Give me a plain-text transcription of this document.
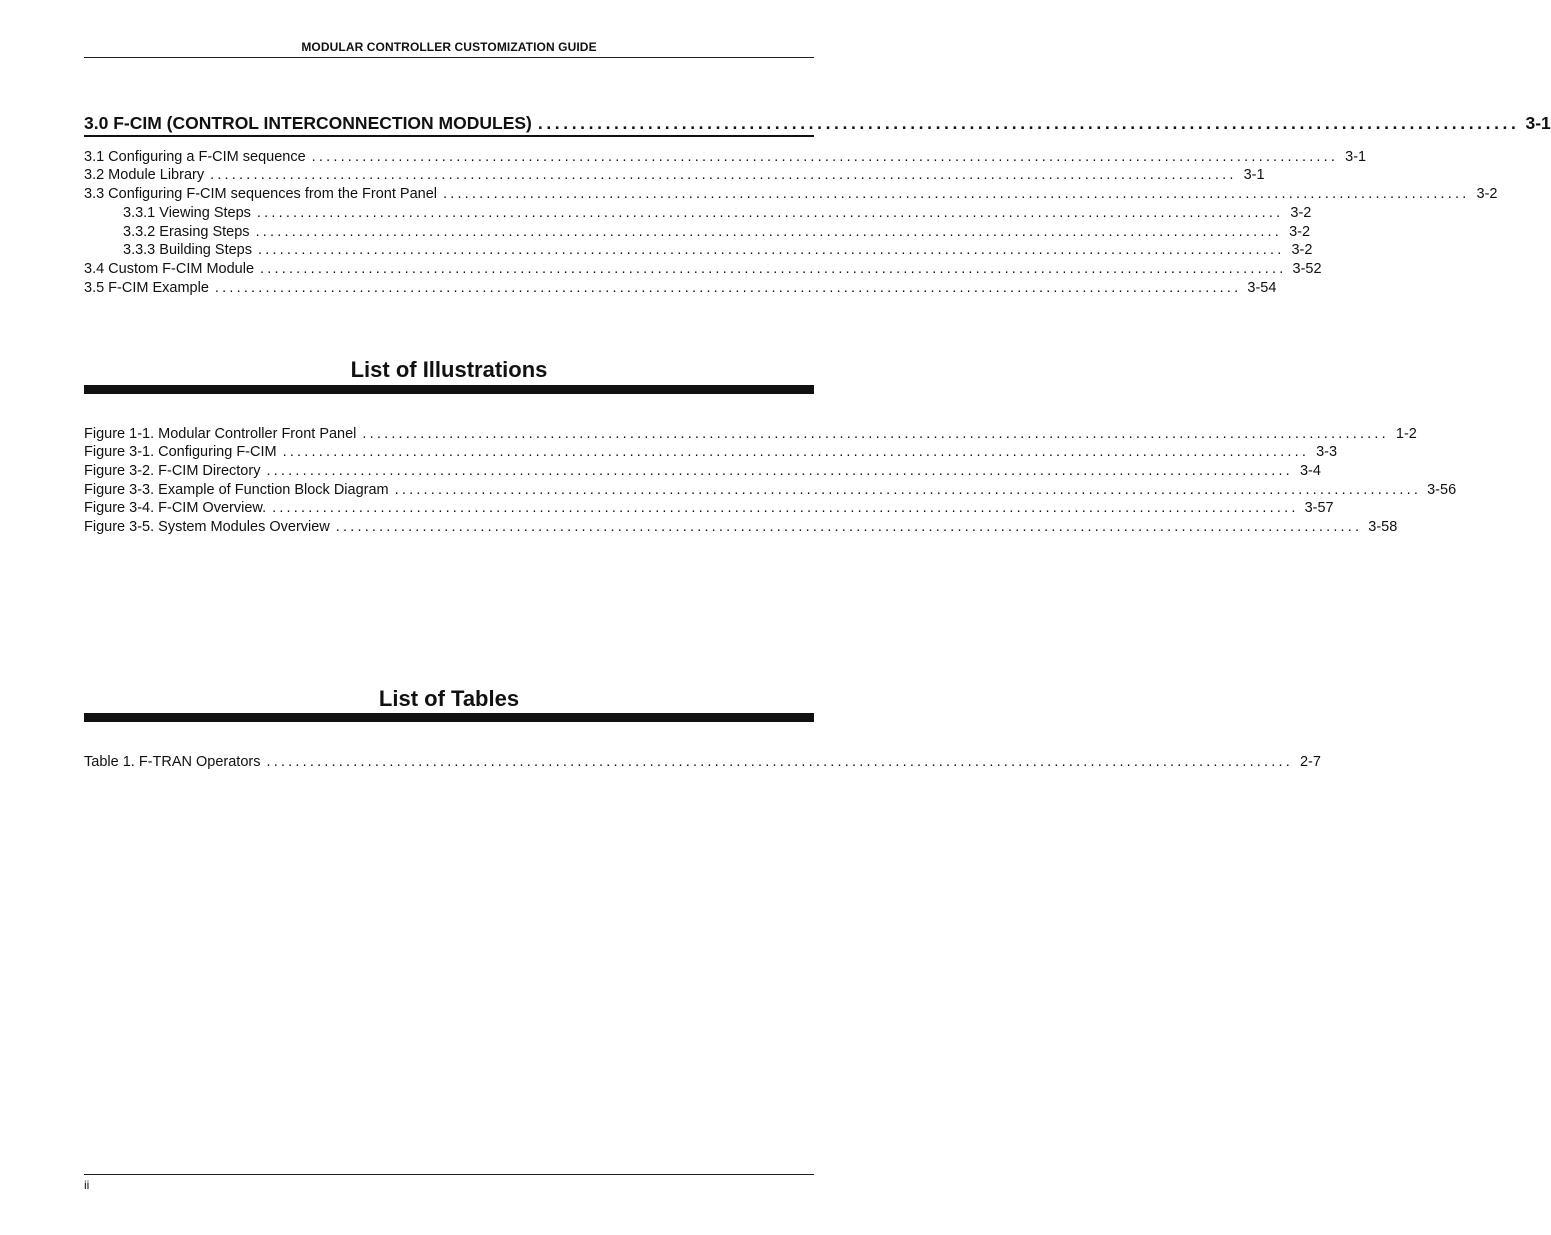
MODULAR CONTROLLER CUSTOMIZATION GUIDE
3.0 F-CIM (CONTROL INTERCONNECTION MODULES) .................................................................................................................... 3-1
3.1 Configuring a F-CIM sequence .............................................................................................................................................. 3-1
3.2 Module Library .............................................................................................................................................. 3-1
3.3 Configuring F-CIM sequences from the Front Panel .............................................................................................................................................. 3-2
3.3.1 Viewing Steps .............................................................................................................................................. 3-2
3.3.2 Erasing Steps .............................................................................................................................................. 3-2
3.3.3 Building Steps .............................................................................................................................................. 3-2
3.4 Custom F-CIM Module .............................................................................................................................................. 3-52
3.5 F-CIM Example .............................................................................................................................................. 3-54
List of Illustrations
Figure 1-1. Modular Controller Front Panel .............................................................................................................................................. 1-2
Figure 3-1. Configuring F-CIM .............................................................................................................................................. 3-3
Figure 3-2. F-CIM Directory .............................................................................................................................................. 3-4
Figure 3-3. Example of Function Block Diagram .............................................................................................................................................. 3-56
Figure 3-4. F-CIM Overview. .............................................................................................................................................. 3-57
Figure 3-5. System Modules Overview .............................................................................................................................................. 3-58
List of Tables
Table 1. F-TRAN Operators .............................................................................................................................................. 2-7
ii
